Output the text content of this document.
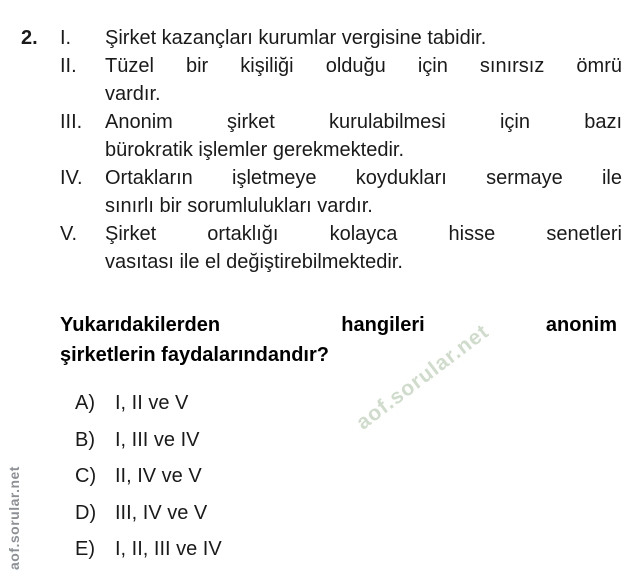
2. I.	Şirket kazançları kurumlar vergisine tabidir.
II.	Tüzel bir kişiliği olduğu için sınırsız ömrü
vardır.
III.	Anonim şirket kurulabilmesi için bazı
bürokratik işlemler gerekmektedir.
IV.	Ortakların işletmeye koydukları sermaye ile
sınırlı bir sorumlulukları vardır.
V.	Şirket ortaklığı kolayca hisse senetleri
vasıtası ile el değiştirebilmektedir.
Yukarıdakilerden hangileri anonim
şirketlerin faydalarındandır?
A)	I, II ve V
B)	I, III ve IV
C) II, IV ve V
D) III, IV ve V
E)	I, II, III ve IV
aof.sorular.net
aof.sorular.net
